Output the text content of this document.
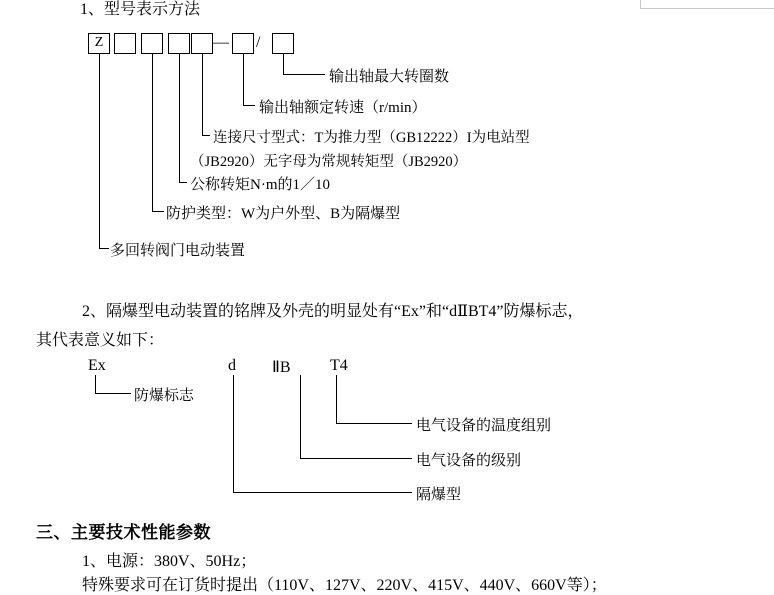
1、型号表示方法
Z	— /
输出轴最大转圈数
输出轴额定转速（r/min）
连接尺寸型式：T为推力型（GB12222）I为电站型
（JB2920）无字母为常规转矩型（JB2920）
公称转矩N·m的1／10
防护类型：W为户外型、B为隔爆型
多回转阀门电动装置
2、隔爆型电动装置的铭牌及外壳的明显处有“Ex”和“dⅡBT4”防爆标志，
其代表意义如下：
Ex	d ⅡB T4
防爆标志
电气设备的温度组别
电气设备的级别
隔爆型
三、主要技术性能参数
1、电源：380V、50Hz；
特殊要求可在订货时提出（110V、127V、220V、415V、440V、660V等）；
